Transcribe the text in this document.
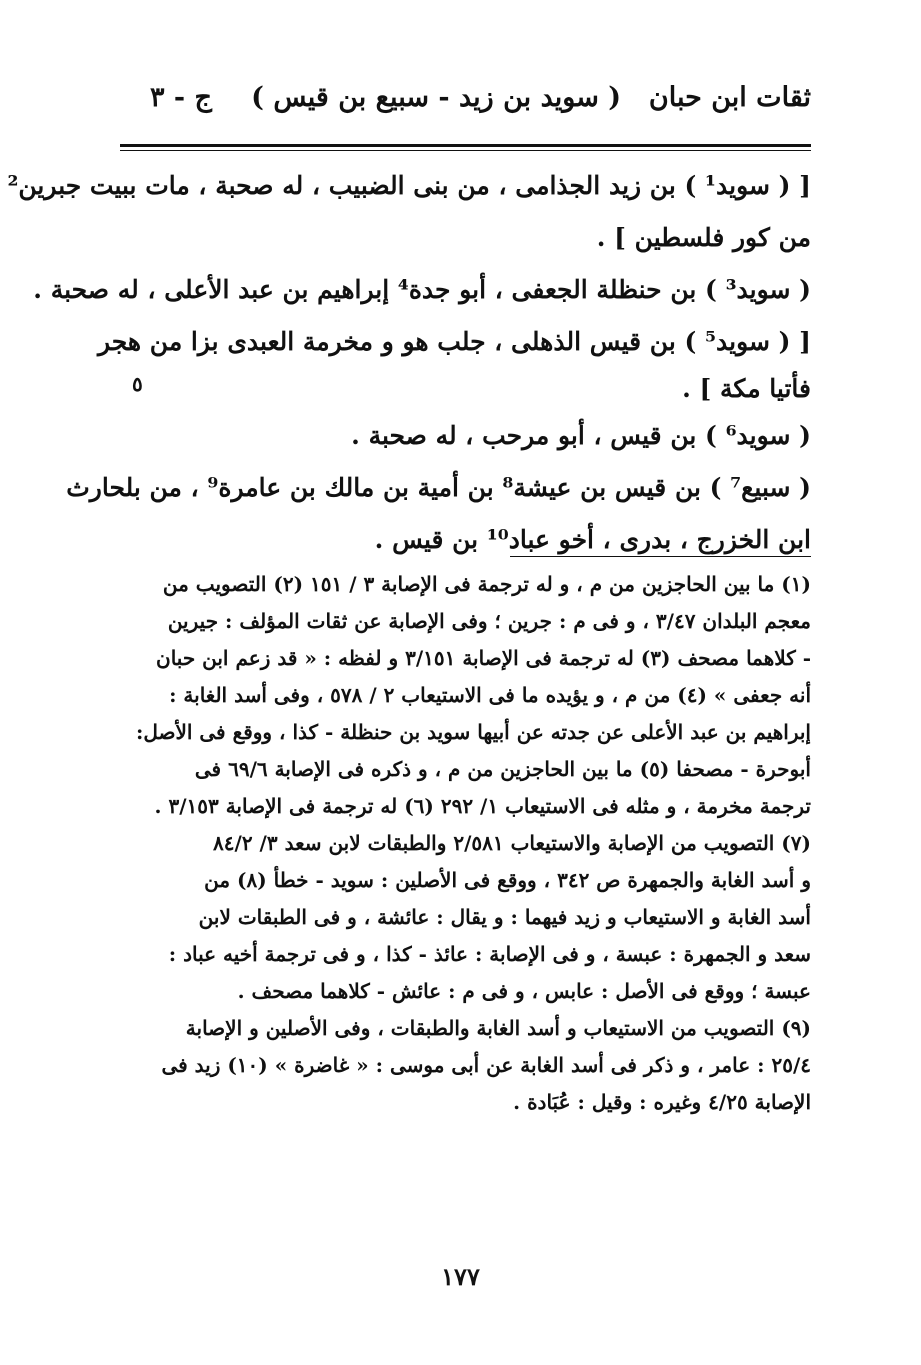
ثقات ابن حبان
( سويد بن زيد - سبيع بن قيس )
ج - ٣

[ ( سويد¹ ) بن زيد الجذامى ، من بنى الضبيب ، له صحبة ، مات ببيت جبرين²

من كور فلسطين ] .

( سويد³ ) بن حنظلة الجعفى ، أبو جدة⁴ إبراهيم بن عبد الأعلى ، له صحبة .

[ ( سويد⁵ ) بن قيس الذهلى ، جلب هو و مخرمة العبدى بزا من هجر

فأتيا مكة ] .

( سويد⁶ ) بن قيس ، أبو مرحب ، له صحبة .

( سبيع⁷ ) بن قيس بن عيشة⁸ بن أمية بن مالك بن عامرة⁹ ، من بلحارث

ابن الخزرج ، بدرى ، أخو عباد¹⁰ بن قيس .

٥

(١) ما بين الحاجزين من م ، و له ترجمة فى الإصابة ٣ / ١٥١ (٢) التصويب من

معجم البلدان ٣/٤٧ ، و فى م : جرين ؛ وفى الإصابة عن ثقات المؤلف : جيرين

- كلاهما مصحف (٣) له ترجمة فى الإصابة ٣/١٥١ و لفظه : « قد زعم ابن حبان

أنه جعفى » (٤) من م ، و يؤيده ما فى الاستيعاب ٢ / ٥٧٨ ، وفى أسد الغابة :

إبراهيم بن عبد الأعلى عن جدته عن أبيها سويد بن حنظلة - كذا ، ووقع فى الأصل:

أبوحرة - مصحفا (٥) ما بين الحاجزين من م ، و ذكره فى الإصابة ٦٩/٦ فى

ترجمة مخرمة ، و مثله فى الاستيعاب ١/ ٢٩٢ (٦) له ترجمة فى الإصابة ٣/١٥٣ .

(٧) التصويب من الإصابة والاستيعاب ٢/٥٨١ والطبقات لابن سعد ٣/ ٨٤/٢

و أسد الغابة والجمهرة ص ٣٤٢ ، ووقع فى الأصلين : سويد - خطأ (٨) من

أسد الغابة و الاستيعاب و زيد فيهما : و يقال : عائشة ، و فى الطبقات لابن

سعد و الجمهرة : عبسة ، و فى الإصابة : عائذ - كذا ، و فى ترجمة أخيه عباد :

عبسة ؛ ووقع فى الأصل : عابس ، و فى م : عائش - كلاهما مصحف .

(٩) التصويب من الاستيعاب و أسد الغابة والطبقات ، وفى الأصلين و الإصابة

٢٥/٤ : عامر ، و ذكر فى أسد الغابة عن أبى موسى : « غاضرة » (١٠) زيد فى

الإصابة ٤/٢٥ وغيره : وقيل : عُبَادة .

١٧٧
